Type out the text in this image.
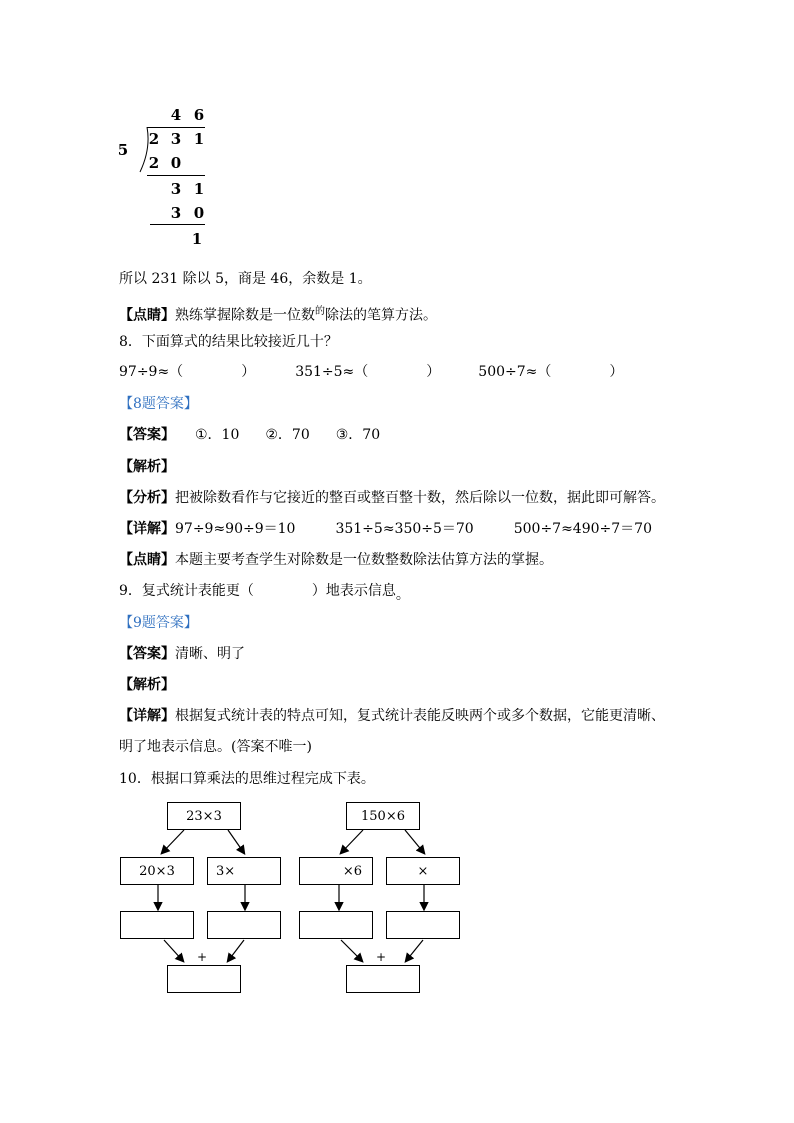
4 6
5
2 3 1
2 0
3 1
3 0
1
所以 231 除以 5，商是 46，余数是 1。
【点睛】熟练掌握除数是一位数$^的$除法的笔算方法。
8．下面算式的结果比较接近几十？
97÷9≈（	）	351÷5≈（	）	500÷7≈（	）
【8题答案】
【答案】 ①．10 ②．70 ③．70
【解析】
【分析】把被除数看作与它接近的整百或整百整十数，然后除以一位数，据此即可解答。
【详解】97÷9≈90÷9＝10	351÷5≈350÷5＝70	500÷7≈490÷7＝70
【点睛】本题主要考查学生对除数是一位数整数除法估算方法的掌握。
9．复式统计表能更（	）地表示信息。
【9题答案】
【答案】清晰、明了
【解析】
【详解】根据复式统计表的特点可知，复式统计表能反映两个或多个数据，它能更清晰、
明了地表示信息。(答案不唯一)
10．根据口算乘法的思维过程完成下表。
23×3
20×3	3×
+
150×6
×6	×
+
